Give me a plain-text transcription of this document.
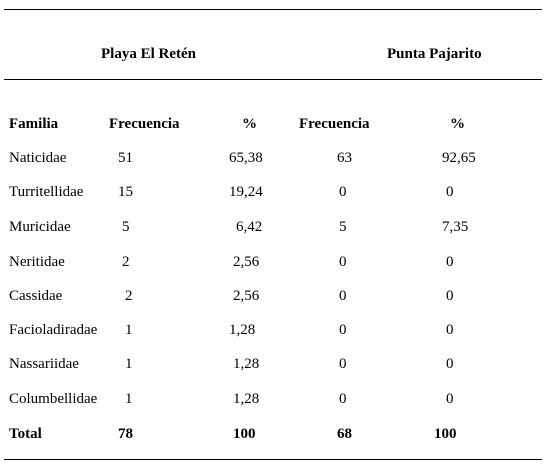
Playa El Retén	Punta Pajarito
Familia	Frecuencia	%	Frecuencia	%
Naticidae	51	65,38	63	92,65
Turritellidae 15	19,24	0	0
Muricidae	5	6,42	5	7,35
Neritidae	2	2,56	0	0
Cassidae	2	2,56	0	0
Facioladiradae 1	1,28	0	0
Nassariidae	1	1,28	0	0
Columbellidae 1	1,28	0	0
Total	78	100	68	100
